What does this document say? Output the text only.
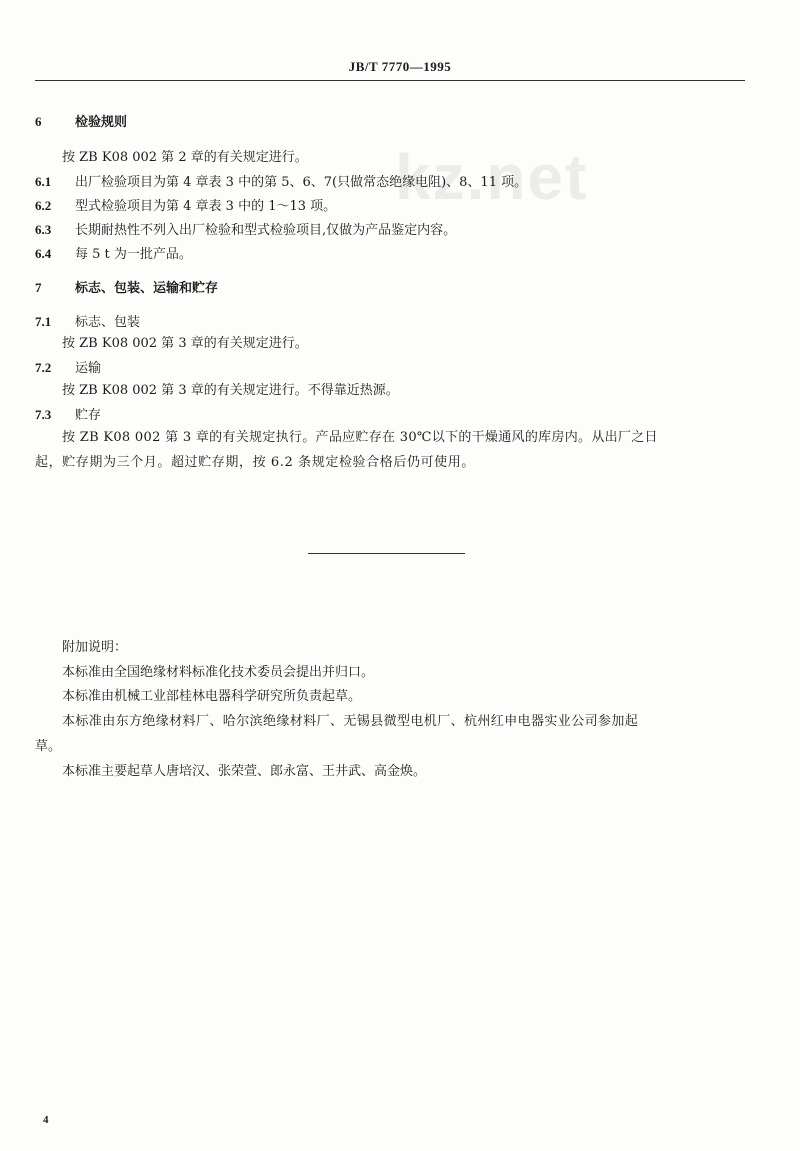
JB/T 7770—1995
kz.net
6	检验规则
按 ZB K08 002 第 2 章的有关规定进行。
6.1 出厂检验项目为第 4 章表 3 中的第 5、6、7(只做常态绝缘电阻)、8、11 项。
6.2 型式检验项目为第 4 章表 3 中的 1～13 项。
6.3 长期耐热性不列入出厂检验和型式检验项目,仅做为产品鉴定内容。
6.4 每 5 t 为一批产品。
7	标志、包装、运输和贮存
7.1 标志、包装
按 ZB K08 002 第 3 章的有关规定进行。
7.2 运输
按 ZB K08 002 第 3 章的有关规定进行。不得靠近热源。
7.3 贮存
按 ZB K08 002 第 3 章的有关规定执行。产品应贮存在 30℃以下的干燥通风的库房内。从出厂之日
起，贮存期为三个月。超过贮存期，按 6.2 条规定检验合格后仍可使用。
附加说明：
本标准由全国绝缘材料标准化技术委员会提出并归口。
本标准由机械工业部桂林电器科学研究所负责起草。
本标准由东方绝缘材料厂、哈尔滨绝缘材料厂、无锡县微型电机厂、杭州红申电器实业公司参加起
草。
本标准主要起草人唐培汉、张荣萱、郎永富、王井武、高金焕。
4
